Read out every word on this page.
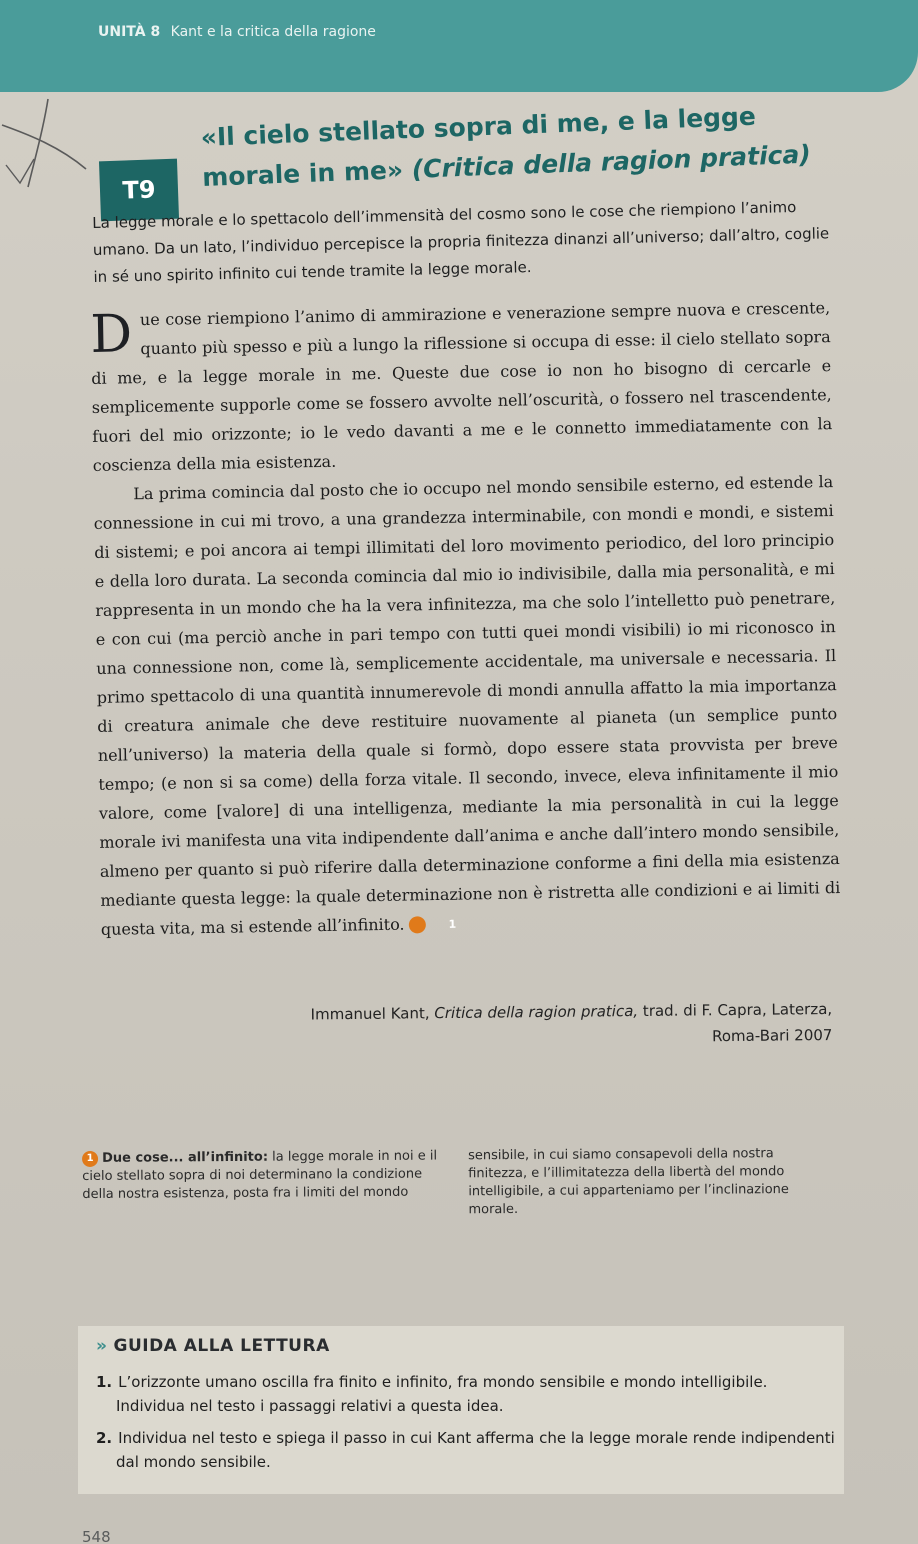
UNITÀ 8 Kant e la critica della ragione
T9
«Il cielo stellato sopra di me, e la legge morale in me» (Critica della ragion pratica)
La legge morale e lo spettacolo dell’immensità del cosmo sono le cose che riempiono l’animo umano. Da un lato, l’individuo percepisce la propria finitezza dinanzi all’universo; dall’altro, coglie in sé uno spirito infinito cui tende tramite la legge morale.

Due cose riempiono l’animo di ammirazione e venerazione sempre nuova e crescente, quanto più spesso e più a lungo la riflessione si occupa di esse: il cielo stellato sopra di me, e la legge morale in me. Queste due cose io non ho bisogno di cercarle e semplicemente supporle come se fossero avvolte nell’oscurità, o fossero nel trascendente, fuori del mio orizzonte; io le vedo davanti a me e le connetto immediatamente con la coscienza della mia esistenza.

La prima comincia dal posto che io occupo nel mondo sensibile esterno, ed estende la connessione in cui mi trovo, a una grandezza interminabile, con mondi e mondi, e sistemi di sistemi; e poi ancora ai tempi illimitati del loro movimento periodico, del loro principio e della loro durata. La seconda comincia dal mio io indivisibile, dalla mia personalità, e mi rappresenta in un mondo che ha la vera infinitezza, ma che solo l’intelletto può penetrare, e con cui (ma perciò anche in pari tempo con tutti quei mondi visibili) io mi riconosco in una connessione non, come là, semplicemente accidentale, ma universale e necessaria. Il primo spettacolo di una quantità innumerevole di mondi annulla affatto la mia importanza di creatura animale che deve restituire nuovamente al pianeta (un semplice punto nell’universo) la materia della quale si formò, dopo essere stata provvista per breve tempo; (e non si sa come) della forza vitale. Il secondo, invece, eleva infinitamente il mio valore, come [valore] di una intelligenza, mediante la mia personalità in cui la legge morale ivi manifesta una vita indipendente dall’anima e anche dall’intero mondo sensibile, almeno per quanto si può riferire dalla determinazione conforme a fini della mia esistenza mediante questa legge: la quale determinazione non è ristretta alle condizioni e ai limiti di questa vita, ma si estende all’infinito.	1

Immanuel Kant, Critica della ragion pratica, trad. di F. Capra, Laterza, Roma-Bari 2007
1 Due cose... all’infinito: la legge morale in noi e il cielo stellato sopra di noi determinano la condizione della nostra esistenza, posta fra i limiti del mondo
sensibile, in cui siamo consapevoli della nostra finitezza, e l’illimitatezza della libertà del mondo intelligibile, a cui apparteniamo per l’inclinazione morale.
» GUIDA ALLA LETTURA
1. L’orizzonte umano oscilla fra finito e infinito, fra mondo sensibile e mondo intelligibile. Individua nel testo i passaggi relativi a questa idea.
2. Individua nel testo e spiega il passo in cui Kant afferma che la legge morale rende indipendenti dal mondo sensibile.
548
